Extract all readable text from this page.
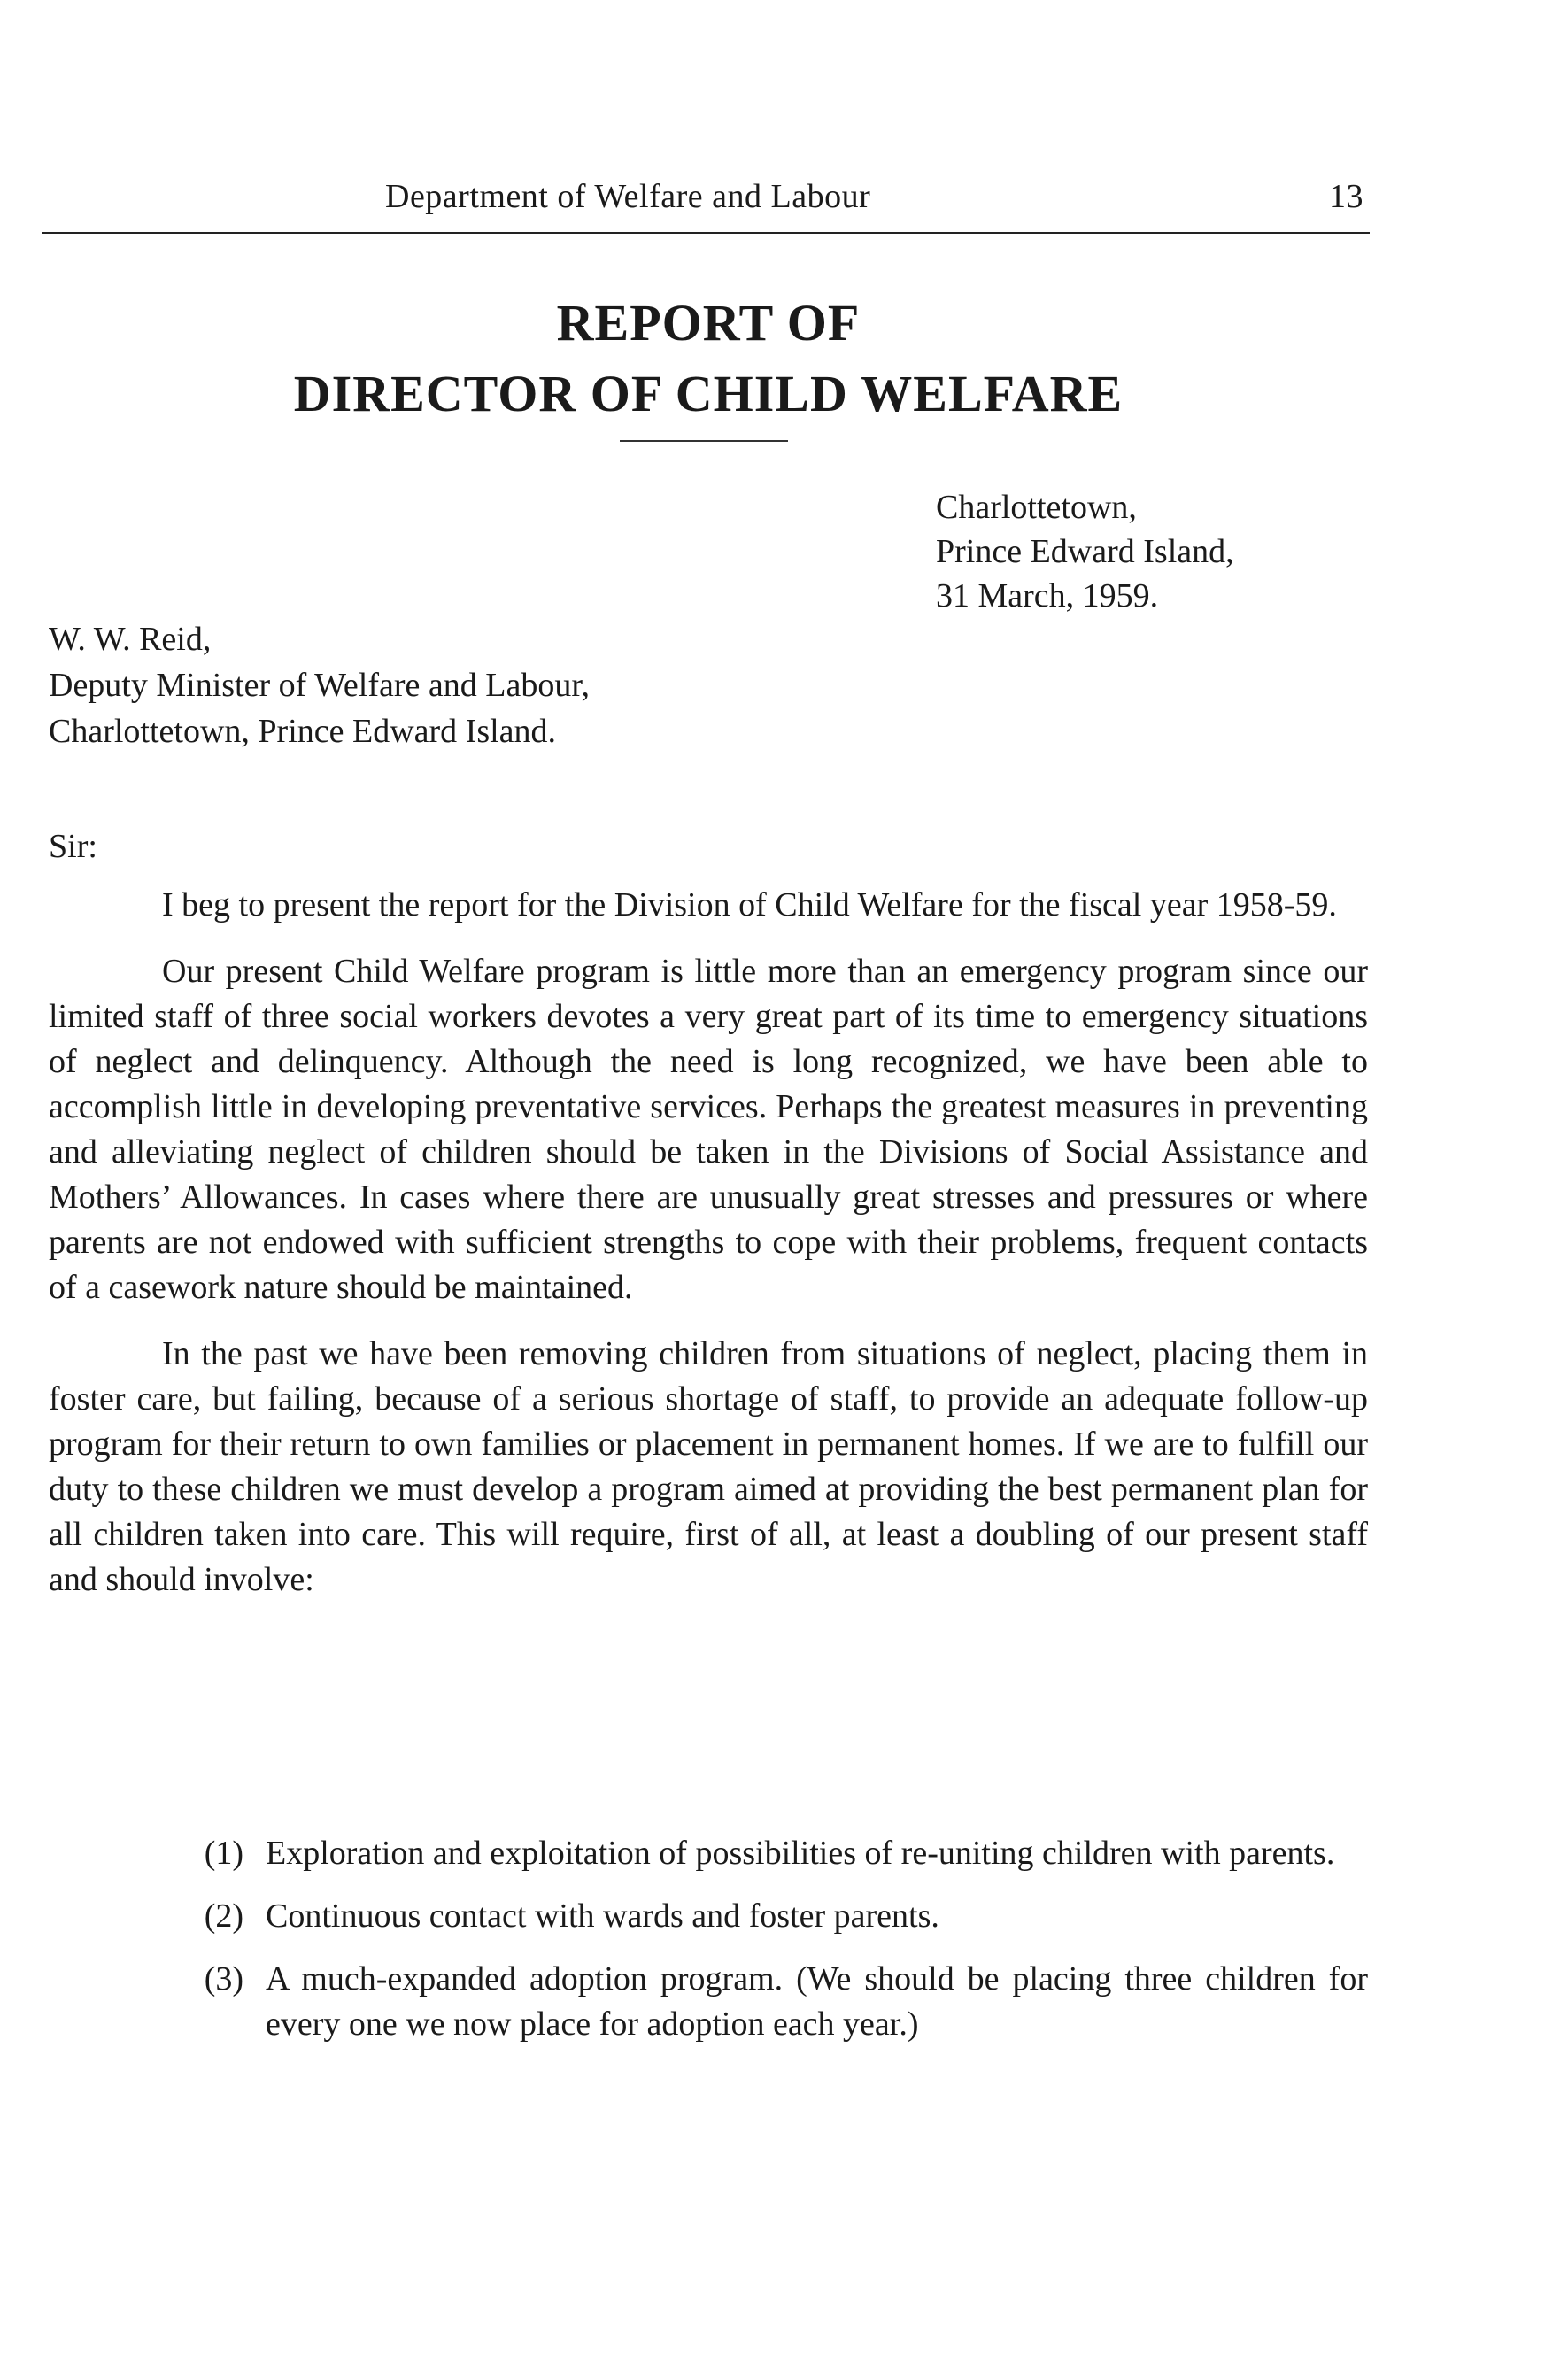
Department of Welfare and Labour	13
REPORT OF
DIRECTOR OF CHILD WELFARE
Charlottetown,
Prince Edward Island,
31 March, 1959.
W. W. Reid,
Deputy Minister of Welfare and Labour,
Charlottetown, Prince Edward Island.
Sir:

I beg to present the report for the Division of Child Welfare for the fiscal year 1958-59.

Our present Child Welfare program is little more than an emergency program since our limited staff of three social workers devotes a very great part of its time to emergency situations of neglect and delinquency. Although the need is long recognized, we have been able to accomplish little in developing preventative services. Perhaps the greatest measures in preventing and alleviating neglect of children should be taken in the Divisions of Social Assistance and Mothers’ Allowances. In cases where there are unusually great stresses and pressures or where parents are not endowed with sufficient strengths to cope with their problems, frequent contacts of a casework nature should be maintained.

In the past we have been removing children from situations of neglect, placing them in foster care, but failing, because of a serious shortage of staff, to provide an adequate follow-up program for their return to own families or placement in permanent homes. If we are to fulfill our duty to these children we must develop a program aimed at providing the best permanent plan for all children taken into care. This will require, first of all, at least a doubling of our present staff and should involve:

(1) Exploration and exploitation of possibilities of re-uniting children with parents.
(2) Continuous contact with wards and foster parents.
(3) A much-expanded adoption program. (We should be placing three children for every one we now place for adoption each year.)
